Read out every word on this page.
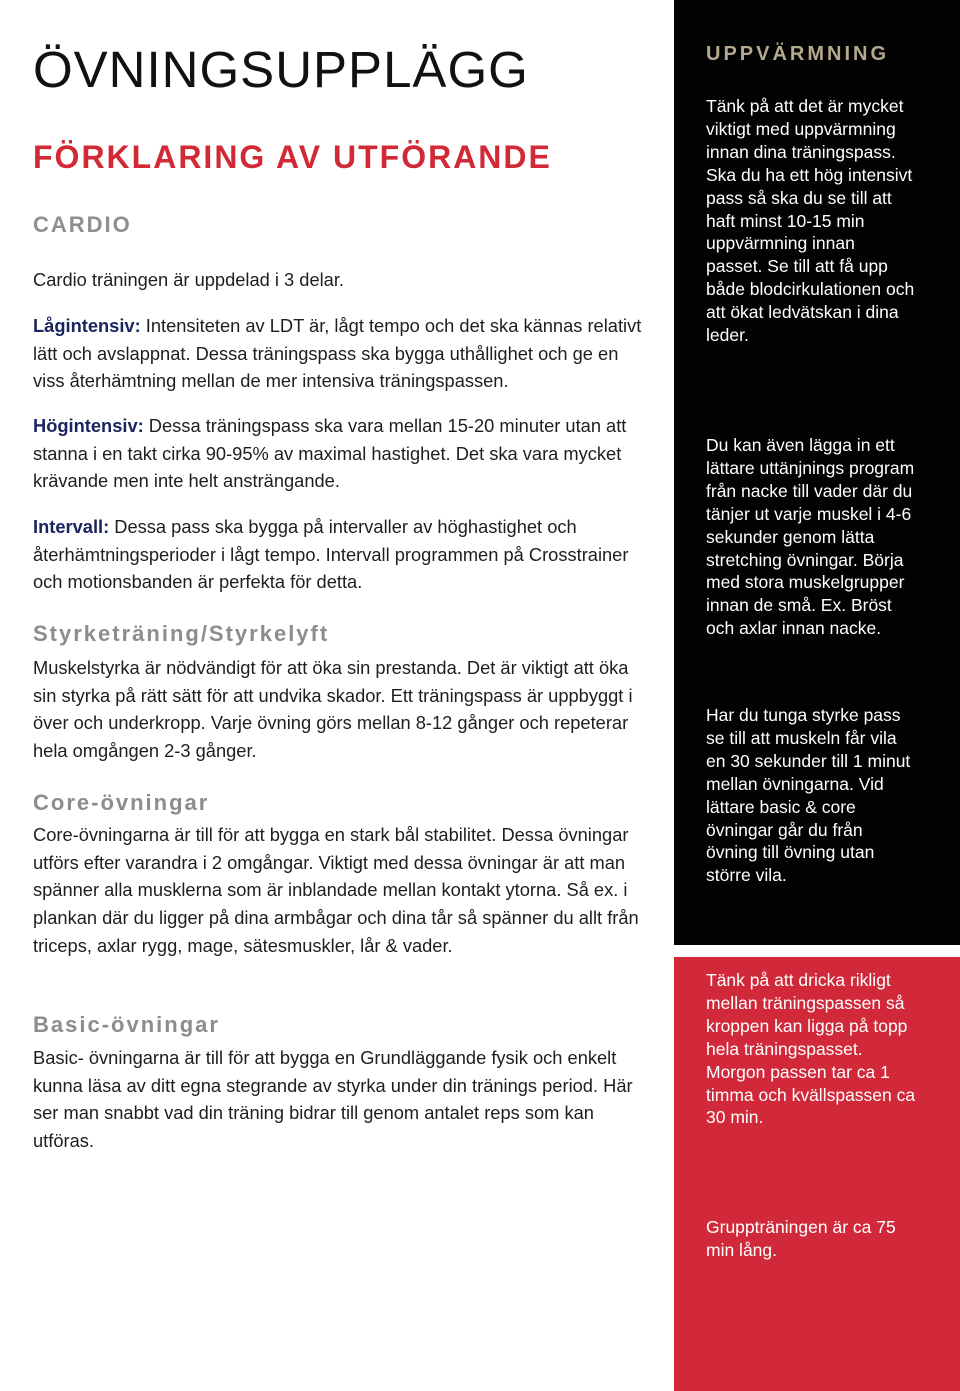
ÖVNINGSUPPLÄGG
FÖRKLARING AV UTFÖRANDE
CARDIO

Cardio träningen är uppdelad i 3 delar.

Lågintensiv: Intensiteten av LDT är, lågt tempo och det ska kännas relativt lätt och avslappnat. Dessa träningspass ska bygga uthållighet och ge en viss återhämtning mellan de mer intensiva träningspassen.

Högintensiv: Dessa träningspass ska vara mellan 15-20 minuter utan att stanna i en takt cirka 90-95% av maximal hastighet. Det ska vara mycket krävande men inte helt ansträngande.

Intervall: Dessa pass ska bygga på intervaller av höghastighet och återhämtningsperioder i lågt tempo. Intervall programmen på Crosstrainer och motionsbanden är perfekta för detta.

Styrketräning/Styrkelyft

Muskelstyrka är nödvändigt för att öka sin prestanda. Det är viktigt att öka sin styrka på rätt sätt för att undvika skador. Ett träningspass är uppbyggt i över och underkropp. Varje övning görs mellan 8-12 gånger och repeterar hela omgången 2-3 gånger.

Core-övningar

Core-övningarna är till för att bygga en stark bål stabilitet. Dessa övningar utförs efter varandra i 2 omgångar. Viktigt med dessa övningar är att man spänner alla musklerna som är inblandade mellan kontakt ytorna. Så ex. i plankan där du ligger på dina armbågar och dina tår så spänner du allt från triceps, axlar rygg, mage, sätesmuskler, lår & vader.

Basic-övningar

Basic- övningarna är till för att bygga en Grundläggande fysik och enkelt kunna läsa av ditt egna stegrande av styrka under din tränings period. Här ser man snabbt vad din träning bidrar till genom antalet reps som kan utföras.

UPPVÄRMNING

Tänk på att det är mycket viktigt med uppvärmning innan dina träningspass. Ska du ha ett hög intensivt pass så ska du se till att haft minst 10-15 min uppvärmning innan passet. Se till att få upp både blodcirkulationen och att ökat ledvätskan i dina leder.

Du kan även lägga in ett lättare uttänjnings program från nacke till vader där du tänjer ut varje muskel i 4-6 sekunder genom lätta stretching övningar. Börja med stora muskelgrupper innan de små. Ex. Bröst och axlar innan nacke.

Har du tunga styrke pass se till att muskeln får vila en 30 sekunder till 1 minut mellan övningarna. Vid lättare basic & core övningar går du från övning till övning utan större vila.

Tänk på att dricka rikligt mellan träningspassen så kroppen kan ligga på topp hela träningspasset. Morgon passen tar ca 1 timma och kvällspassen ca 30 min.

Gruppträningen är ca 75 min lång.
